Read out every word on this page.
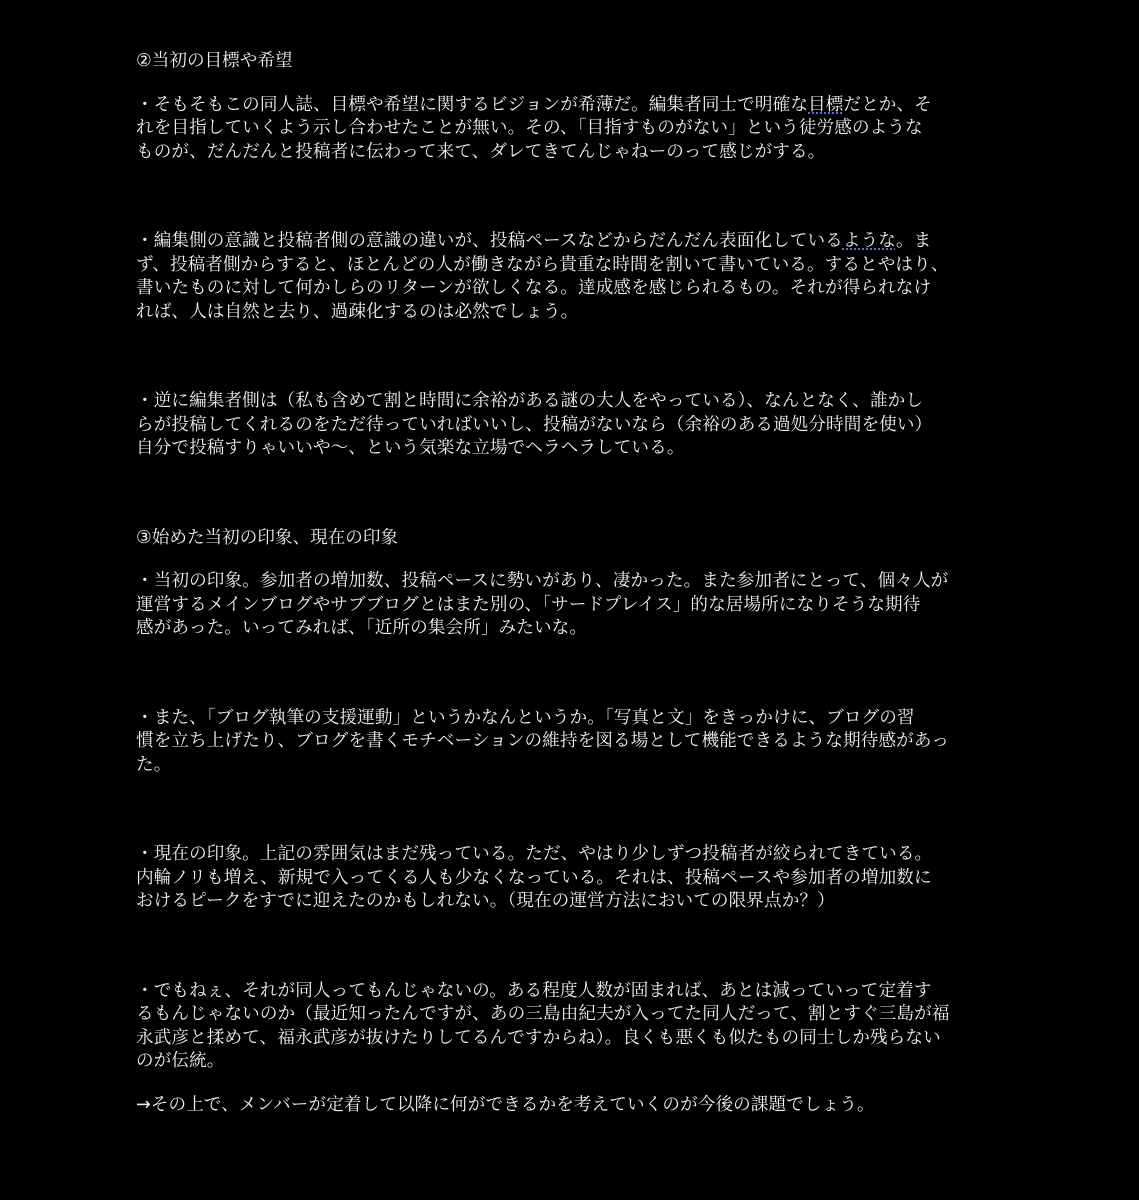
②当初の目標や希望
・そもそもこの同人誌、目標や希望に関するビジョンが希薄だ。編集者同士で明確な目標だとか、そ
れを目指していくよう示し合わせたことが無い。その、「目指すものがない」という徒労感のような
ものが、だんだんと投稿者に伝わって来て、ダレてきてんじゃねーのって感じがする。
・編集側の意識と投稿者側の意識の違いが、投稿ペースなどからだんだん表面化しているような。ま
ず、投稿者側からすると、ほとんどの人が働きながら貴重な時間を割いて書いている。するとやはり、
書いたものに対して何かしらのリターンが欲しくなる。達成感を感じられるもの。それが得られなけ
れば、人は自然と去り、過疎化するのは必然でしょう。
・逆に編集者側は（私も含めて割と時間に余裕がある謎の大人をやっている）、なんとなく、誰かし
らが投稿してくれるのをただ待っていればいいし、投稿がないなら（余裕のある過処分時間を使い）
自分で投稿すりゃいいや〜、という気楽な立場でヘラヘラしている。
③始めた当初の印象、現在の印象
・当初の印象。参加者の増加数、投稿ペースに勢いがあり、凄かった。また参加者にとって、個々人が
運営するメインブログやサブブログとはまた別の、「サードプレイス」的な居場所になりそうな期待
感があった。いってみれば、「近所の集会所」みたいな。
・また、「ブログ執筆の支援運動」というかなんというか。「写真と文」をきっかけに、ブログの習
慣を立ち上げたり、ブログを書くモチベーションの維持を図る場として機能できるような期待感があっ
た。
・現在の印象。上記の雰囲気はまだ残っている。ただ、やはり少しずつ投稿者が絞られてきている。
内輪ノリも増え、新規で入ってくる人も少なくなっている。それは、投稿ペースや参加者の増加数に
おけるピークをすでに迎えたのかもしれない。（現在の運営方法においての限界点か？）
・でもねぇ、それが同人ってもんじゃないの。ある程度人数が固まれば、あとは減っていって定着す
るもんじゃないのか（最近知ったんですが、あの三島由紀夫が入ってた同人だって、割とすぐ三島が福
永武彦と揉めて、福永武彦が抜けたりしてるんですからね）。良くも悪くも似たもの同士しか残らない
のが伝統。
→その上で、メンバーが定着して以降に何ができるかを考えていくのが今後の課題でしょう。
